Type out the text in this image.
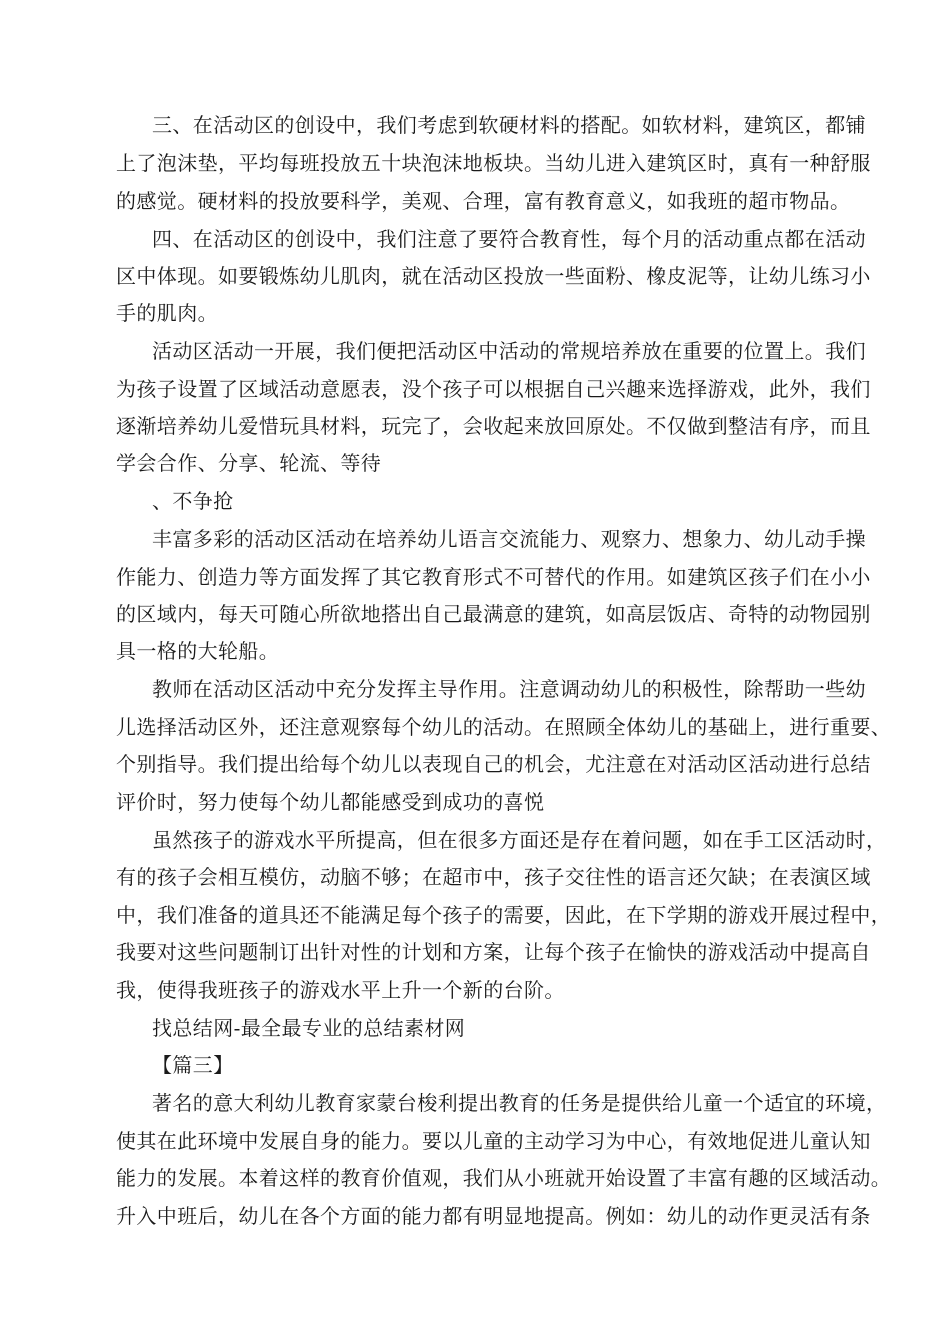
三、在活动区的创设中，我们考虑到软硬材料的搭配。如软材料，建筑区，都铺
上了泡沫垫，平均每班投放五十块泡沫地板块。当幼儿进入建筑区时，真有一种舒服
的感觉。硬材料的投放要科学，美观、合理，富有教育意义，如我班的超市物品。
四、在活动区的创设中，我们注意了要符合教育性，每个月的活动重点都在活动
区中体现。如要锻炼幼儿肌肉，就在活动区投放一些面粉、橡皮泥等，让幼儿练习小
手的肌肉。
活动区活动一开展，我们便把活动区中活动的常规培养放在重要的位置上。我们
为孩子设置了区域活动意愿表，没个孩子可以根据自己兴趣来选择游戏，此外，我们
逐渐培养幼儿爱惜玩具材料，玩完了，会收起来放回原处。不仅做到整洁有序，而且
学会合作、分享、轮流、等待
、不争抢
丰富多彩的活动区活动在培养幼儿语言交流能力、观察力、想象力、幼儿动手操
作能力、创造力等方面发挥了其它教育形式不可替代的作用。如建筑区孩子们在小小
的区域内，每天可随心所欲地搭出自己最满意的建筑，如高层饭店、奇特的动物园别
具一格的大轮船。
教师在活动区活动中充分发挥主导作用。注意调动幼儿的积极性，除帮助一些幼
儿选择活动区外，还注意观察每个幼儿的活动。在照顾全体幼儿的基础上，进行重要、
个别指导。我们提出给每个幼儿以表现自己的机会，尤注意在对活动区活动进行总结
评价时，努力使每个幼儿都能感受到成功的喜悦
虽然孩子的游戏水平所提高，但在很多方面还是存在着问题，如在手工区活动时，
有的孩子会相互模仿，动脑不够；在超市中，孩子交往性的语言还欠缺；在表演区域
中，我们准备的道具还不能满足每个孩子的需要，因此，在下学期的游戏开展过程中，
我要对这些问题制订出针对性的计划和方案，让每个孩子在愉快的游戏活动中提高自
我，使得我班孩子的游戏水平上升一个新的台阶。
找总结网-最全最专业的总结素材网
【篇三】
著名的意大利幼儿教育家蒙台梭利提出教育的任务是提供给儿童一个适宜的环境，
使其在此环境中发展自身的能力。要以儿童的主动学习为中心，有效地促进儿童认知
能力的发展。本着这样的教育价值观，我们从小班就开始设置了丰富有趣的区域活动。
升入中班后，幼儿在各个方面的能力都有明显地提高。例如：幼儿的动作更灵活有条
